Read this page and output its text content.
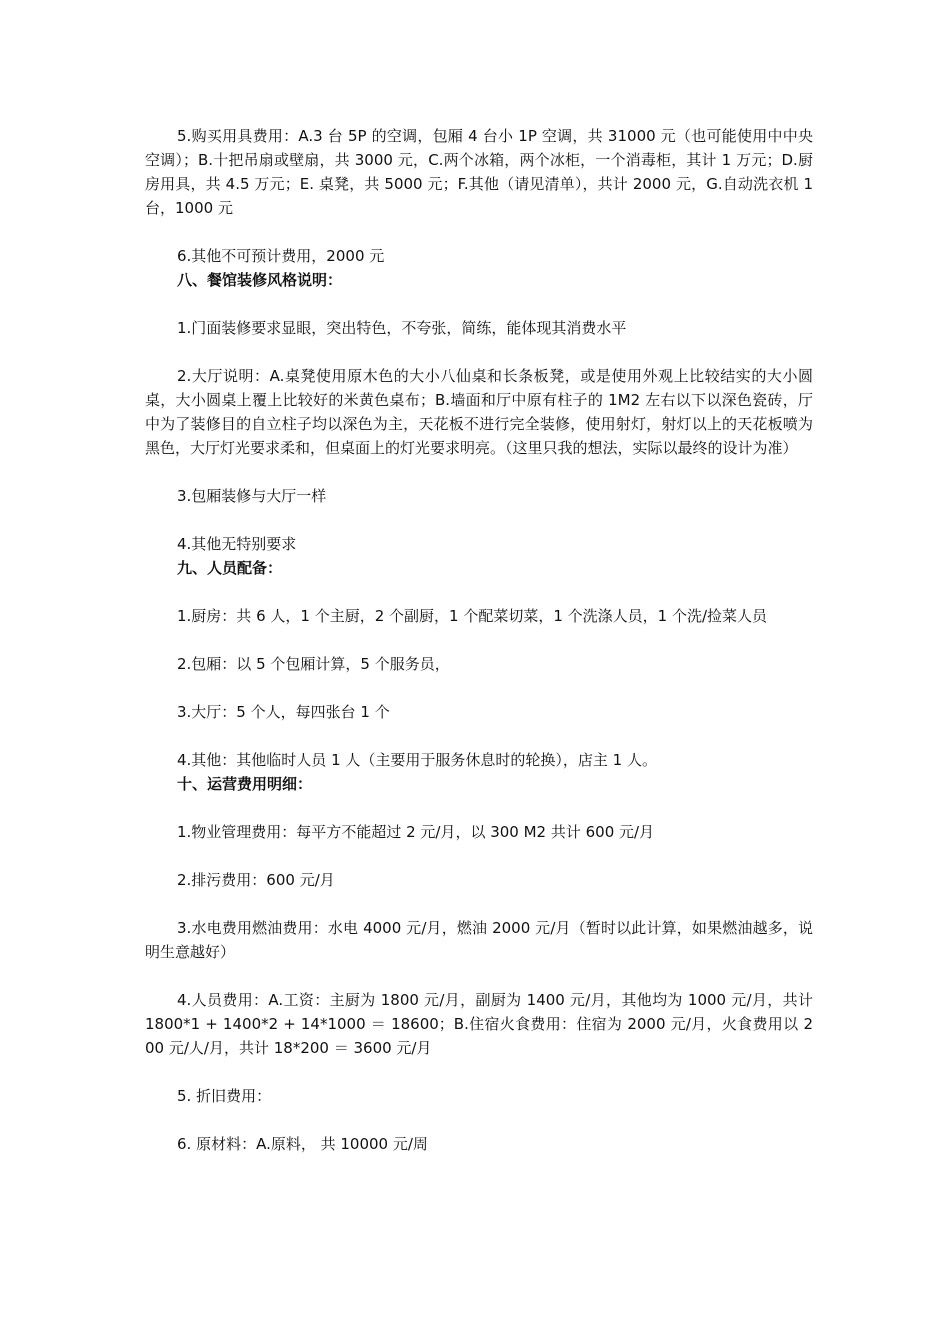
5.购买用具费用：A.3 台 5P 的空调，包厢 4 台小 1P 空调，共 31000 元（也可能使用中中央空调）；B.十把吊扇或壁扇，共 3000 元，C.两个冰箱，两个冰柜，一个消毒柜，其计 1 万元；D.厨房用具，共 4.5 万元；E. 桌凳，共 5000 元；F.其他（请见清单），共计 2000 元，G.自动洗衣机 1 台，1000 元

6.其他不可预计费用，2000 元

八、餐馆装修风格说明：

1.门面装修要求显眼，突出特色，不夸张，简练，能体现其消费水平

2.大厅说明：A.桌凳使用原木色的大小八仙桌和长条板凳，或是使用外观上比较结实的大小圆桌，大小圆桌上覆上比较好的米黄色桌布；B.墙面和厅中原有柱子的 1M2 左右以下以深色瓷砖，厅中为了装修目的自立柱子均以深色为主，天花板不进行完全装修，使用射灯，射灯以上的天花板喷为黑色，大厅灯光要求柔和，但桌面上的灯光要求明亮。（这里只我的想法，实际以最终的设计为准）

3.包厢装修与大厅一样

4.其他无特别要求

九、人员配备：

1.厨房：共 6 人，1 个主厨，2 个副厨，1 个配菜切菜，1 个洗涤人员，1 个洗/捡菜人员

2.包厢：以 5 个包厢计算，5 个服务员，

3.大厅：5 个人，每四张台 1 个

4.其他：其他临时人员 1 人（主要用于服务休息时的轮换），店主 1 人。

十、运营费用明细：

1.物业管理费用：每平方不能超过 2 元/月，以 300 M2 共计 600 元/月

2.排污费用：600 元/月

3.水电费用燃油费用：水电 4000 元/月，燃油 2000 元/月（暂时以此计算，如果燃油越多，说明生意越好）

4.人员费用：A.工资：主厨为 1800 元/月，副厨为 1400 元/月，其他均为 1000 元/月，共计 1800*1 + 1400*2 + 14*1000 ＝ 18600；B.住宿火食费用：住宿为 2000 元/月，火食费用以 200 元/人/月，共计 18*200 ＝ 3600 元/月

5. 折旧费用：

6. 原材料：A.原料， 共 10000 元/周
